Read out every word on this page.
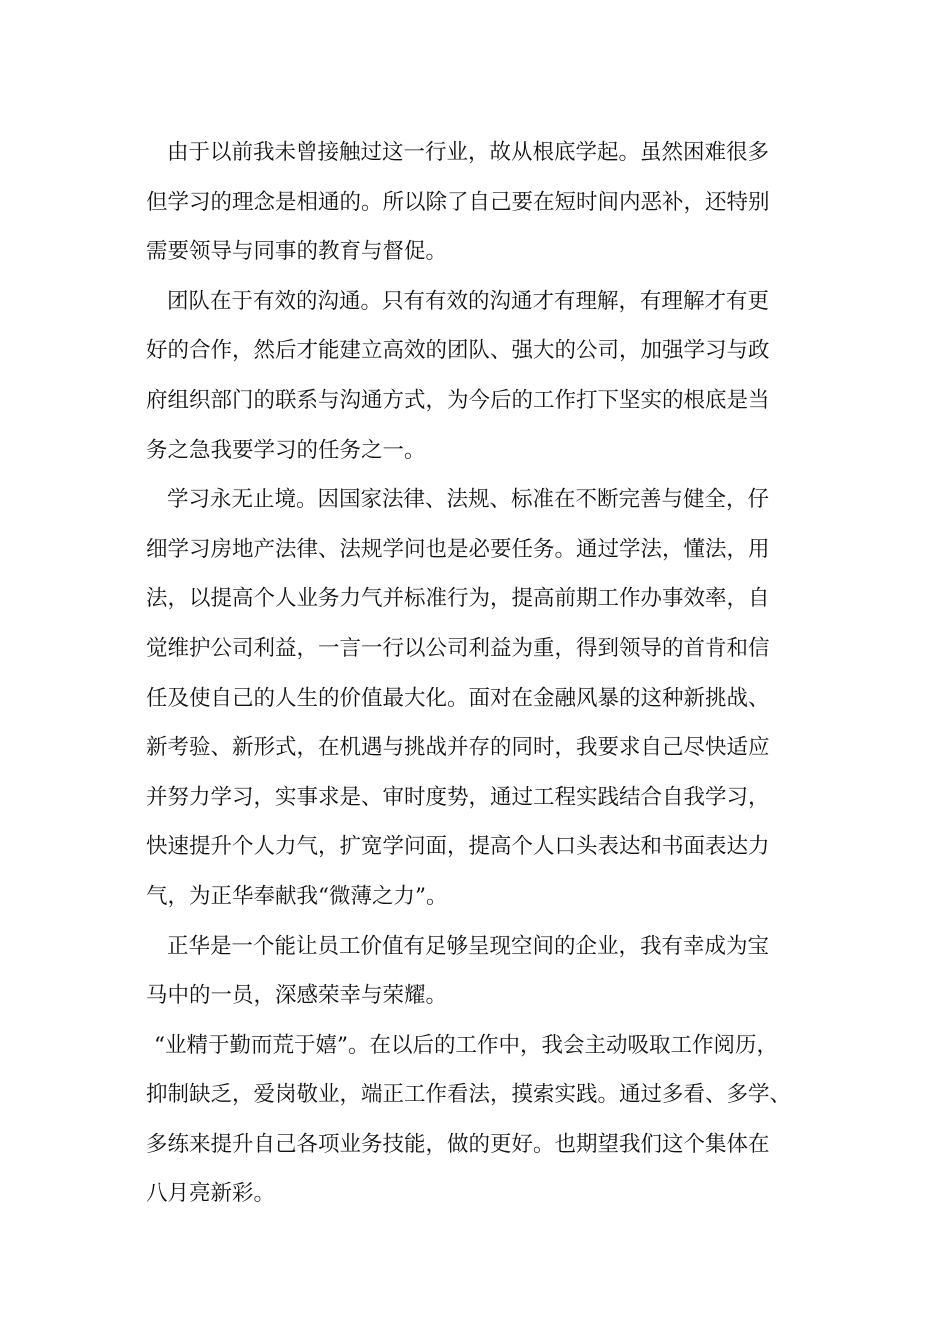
由于以前我未曾接触过这一行业，故从根底学起。虽然困难很多
但学习的理念是相通的。所以除了自己要在短时间内恶补，还特别
需要领导与同事的教育与督促。

团队在于有效的沟通。只有有效的沟通才有理解，有理解才有更
好的合作，然后才能建立高效的团队、强大的公司，加强学习与政
府组织部门的联系与沟通方式，为今后的工作打下坚实的根底是当
务之急我要学习的任务之一。

学习永无止境。因国家法律、法规、标准在不断完善与健全，仔
细学习房地产法律、法规学问也是必要任务。通过学法，懂法，用
法，以提高个人业务力气并标准行为，提高前期工作办事效率，自
觉维护公司利益，一言一行以公司利益为重，得到领导的首肯和信
任及使自己的人生的价值最大化。面对在金融风暴的这种新挑战、
新考验、新形式，在机遇与挑战并存的同时，我要求自己尽快适应
并努力学习，实事求是、审时度势，通过工程实践结合自我学习，
快速提升个人力气，扩宽学问面，提高个人口头表达和书面表达力
气，为正华奉献我“微薄之力”。

正华是一个能让员工价值有足够呈现空间的企业，我有幸成为宝
马中的一员，深感荣幸与荣耀。

“业精于勤而荒于嬉”。在以后的工作中，我会主动吸取工作阅历，
抑制缺乏，爱岗敬业，端正工作看法，摸索实践。通过多看、多学、
多练来提升自己各项业务技能，做的更好。也期望我们这个集体在
八月亮新彩。
